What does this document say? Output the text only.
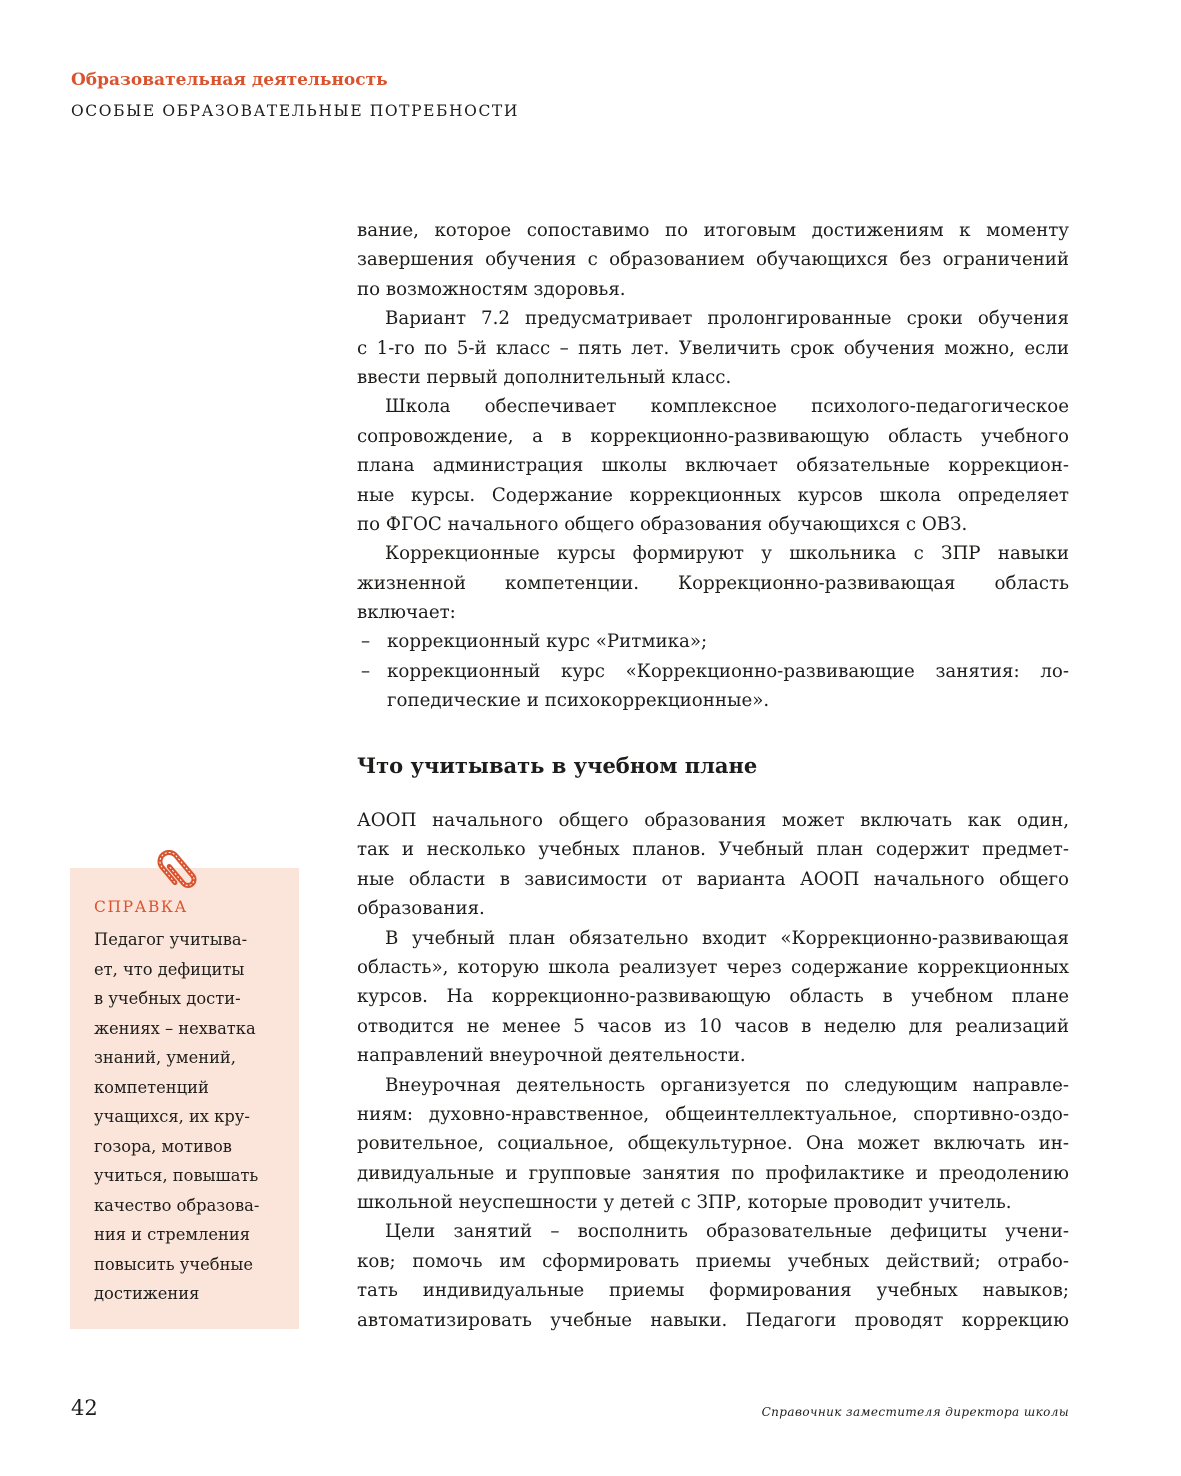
Образовательная деятельность
ОСОБЫЕ ОБРАЗОВАТЕЛЬНЫЕ ПОТРЕБНОСТИ
вание, которое сопоставимо по итоговым достижениям к моменту
завершения обучения с образованием обучающихся без ограничений
по возможностям здоровья.
Вариант 7.2 предусматривает пролонгированные сроки обучения
с 1-го по 5-й класс – пять лет. Увеличить срок обучения можно, если
ввести первый дополнительный класс.
Школа обеспечивает комплексное психолого-педагогическое
сопровождение, а в коррекционно-развивающую область учебного
плана администрация школы включает обязательные коррекцион-
ные курсы. Содержание коррекционных курсов школа определяет
по ФГОС начального общего образования обучающихся с ОВЗ.
Коррекционные курсы формируют у школьника с ЗПР навыки
жизненной компетенции. Коррекционно-развивающая область
включает:
– коррекционный курс «Ритмика»;
– коррекционный курс «Коррекционно-развивающие занятия: ло-
гопедические и психокоррекционные».
Что учитывать в учебном плане
АООП начального общего образования может включать как один,
так и несколько учебных планов. Учебный план содержит предмет-
ные области в зависимости от варианта АООП начального общего
образования.
В учебный план обязательно входит «Коррекционно-развивающая
область», которую школа реализует через содержание коррекционных
курсов. На коррекционно-развивающую область в учебном плане
отводится не менее 5 часов из 10 часов в неделю для реализаций
направлений внеурочной деятельности.
Внеурочная деятельность организуется по следующим направле-
ниям: духовно-нравственное, общеинтеллектуальное, спортивно-оздо-
ровительное, социальное, общекультурное. Она может включать ин-
дивидуальные и групповые занятия по профилактике и преодолению
школьной неуспешности у детей с ЗПР, которые проводит учитель.
Цели занятий – восполнить образовательные дефициты учени-
ков; помочь им сформировать приемы учебных действий; отрабо-
тать индивидуальные приемы формирования учебных навыков;
автоматизировать учебные навыки. Педагоги проводят коррекцию
СПРАВКА
Педагог учитыва-
ет, что дефициты
в учебных дости-
жениях – нехватка
знаний, умений,
компетенций
учащихся, их кру-
гозора, мотивов
учиться, повышать
качество образова-
ния и стремления
повысить учебные
достижения
42	Справочник заместителя директора школы
